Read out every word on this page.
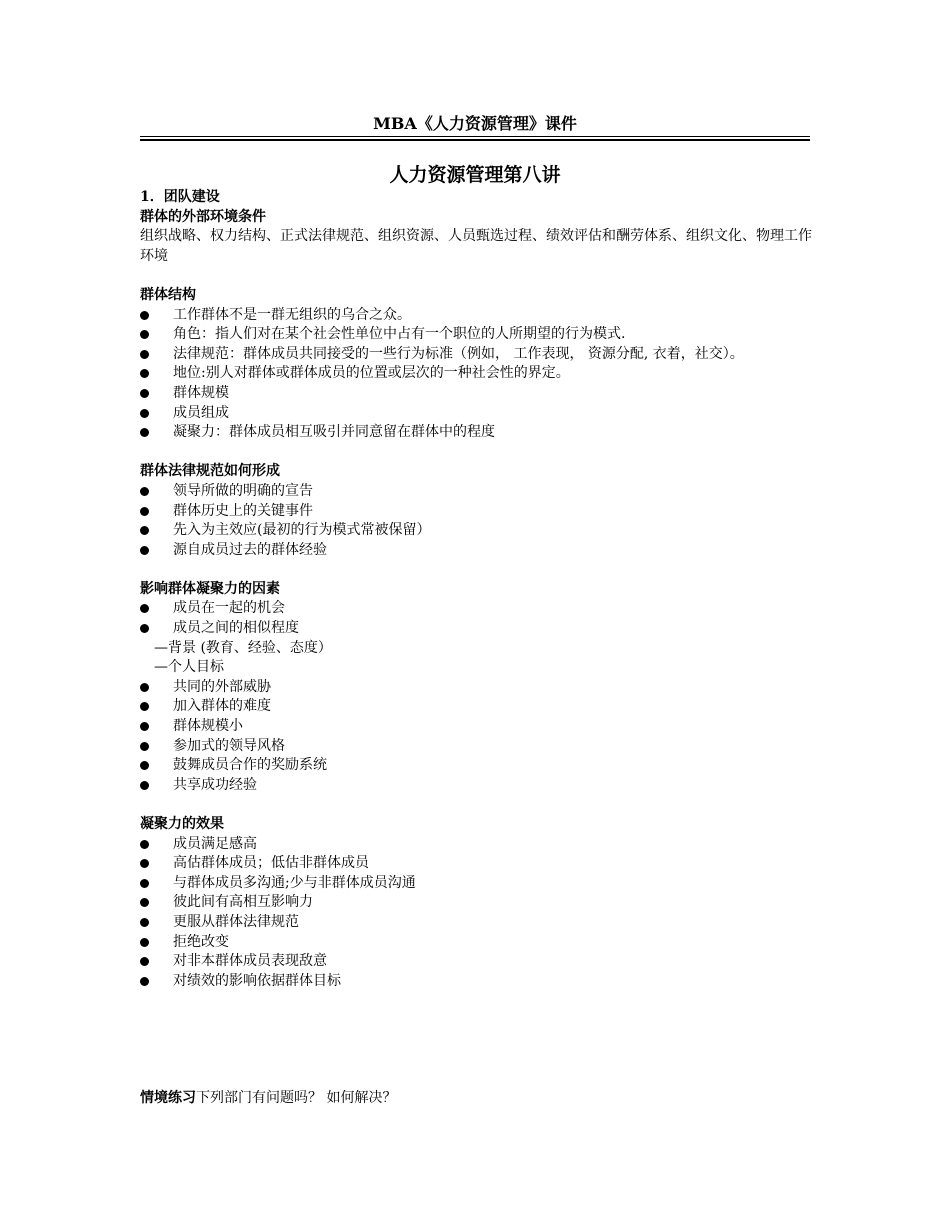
MBA《人力资源管理》课件
人力资源管理第八讲

1．团队建设

群体的外部环境条件

组织战略、权力结构、正式法律规范、组织资源、人员甄选过程、绩效评估和酬劳体系、组织文化、物理工作环境

群体结构

工作群体不是一群无组织的乌合之众。
角色：指人们对在某个社会性单位中占有一个职位的人所期望的行为模式.
法律规范：群体成员共同接受的一些行为标准（例如， 工作表现， 资源分配, 衣着，社交）。
地位:别人对群体或群体成员的位置或层次的一种社会性的界定。
群体规模
成员组成
凝聚力：群体成员相互吸引并同意留在群体中的程度

群体法律规范如何形成

领导所做的明确的宣告
群体历史上的关键事件
先入为主效应(最初的行为模式常被保留）
源自成员过去的群体经验

影响群体凝聚力的因素

成员在一起的机会
成员之间的相似程度

—背景 (教育、经验、态度）

—个人目标

共同的外部威胁
加入群体的难度
群体规模小
参加式的领导风格
鼓舞成员合作的奖励系统
共享成功经验

凝聚力的效果

成员满足感高
高估群体成员；低估非群体成员
与群体成员多沟通;少与非群体成员沟通
彼此间有高相互影响力
更服从群体法律规范
拒绝改变
对非本群体成员表现敌意
对绩效的影响依据群体目标

情境练习下列部门有问题吗？ 如何解决？
